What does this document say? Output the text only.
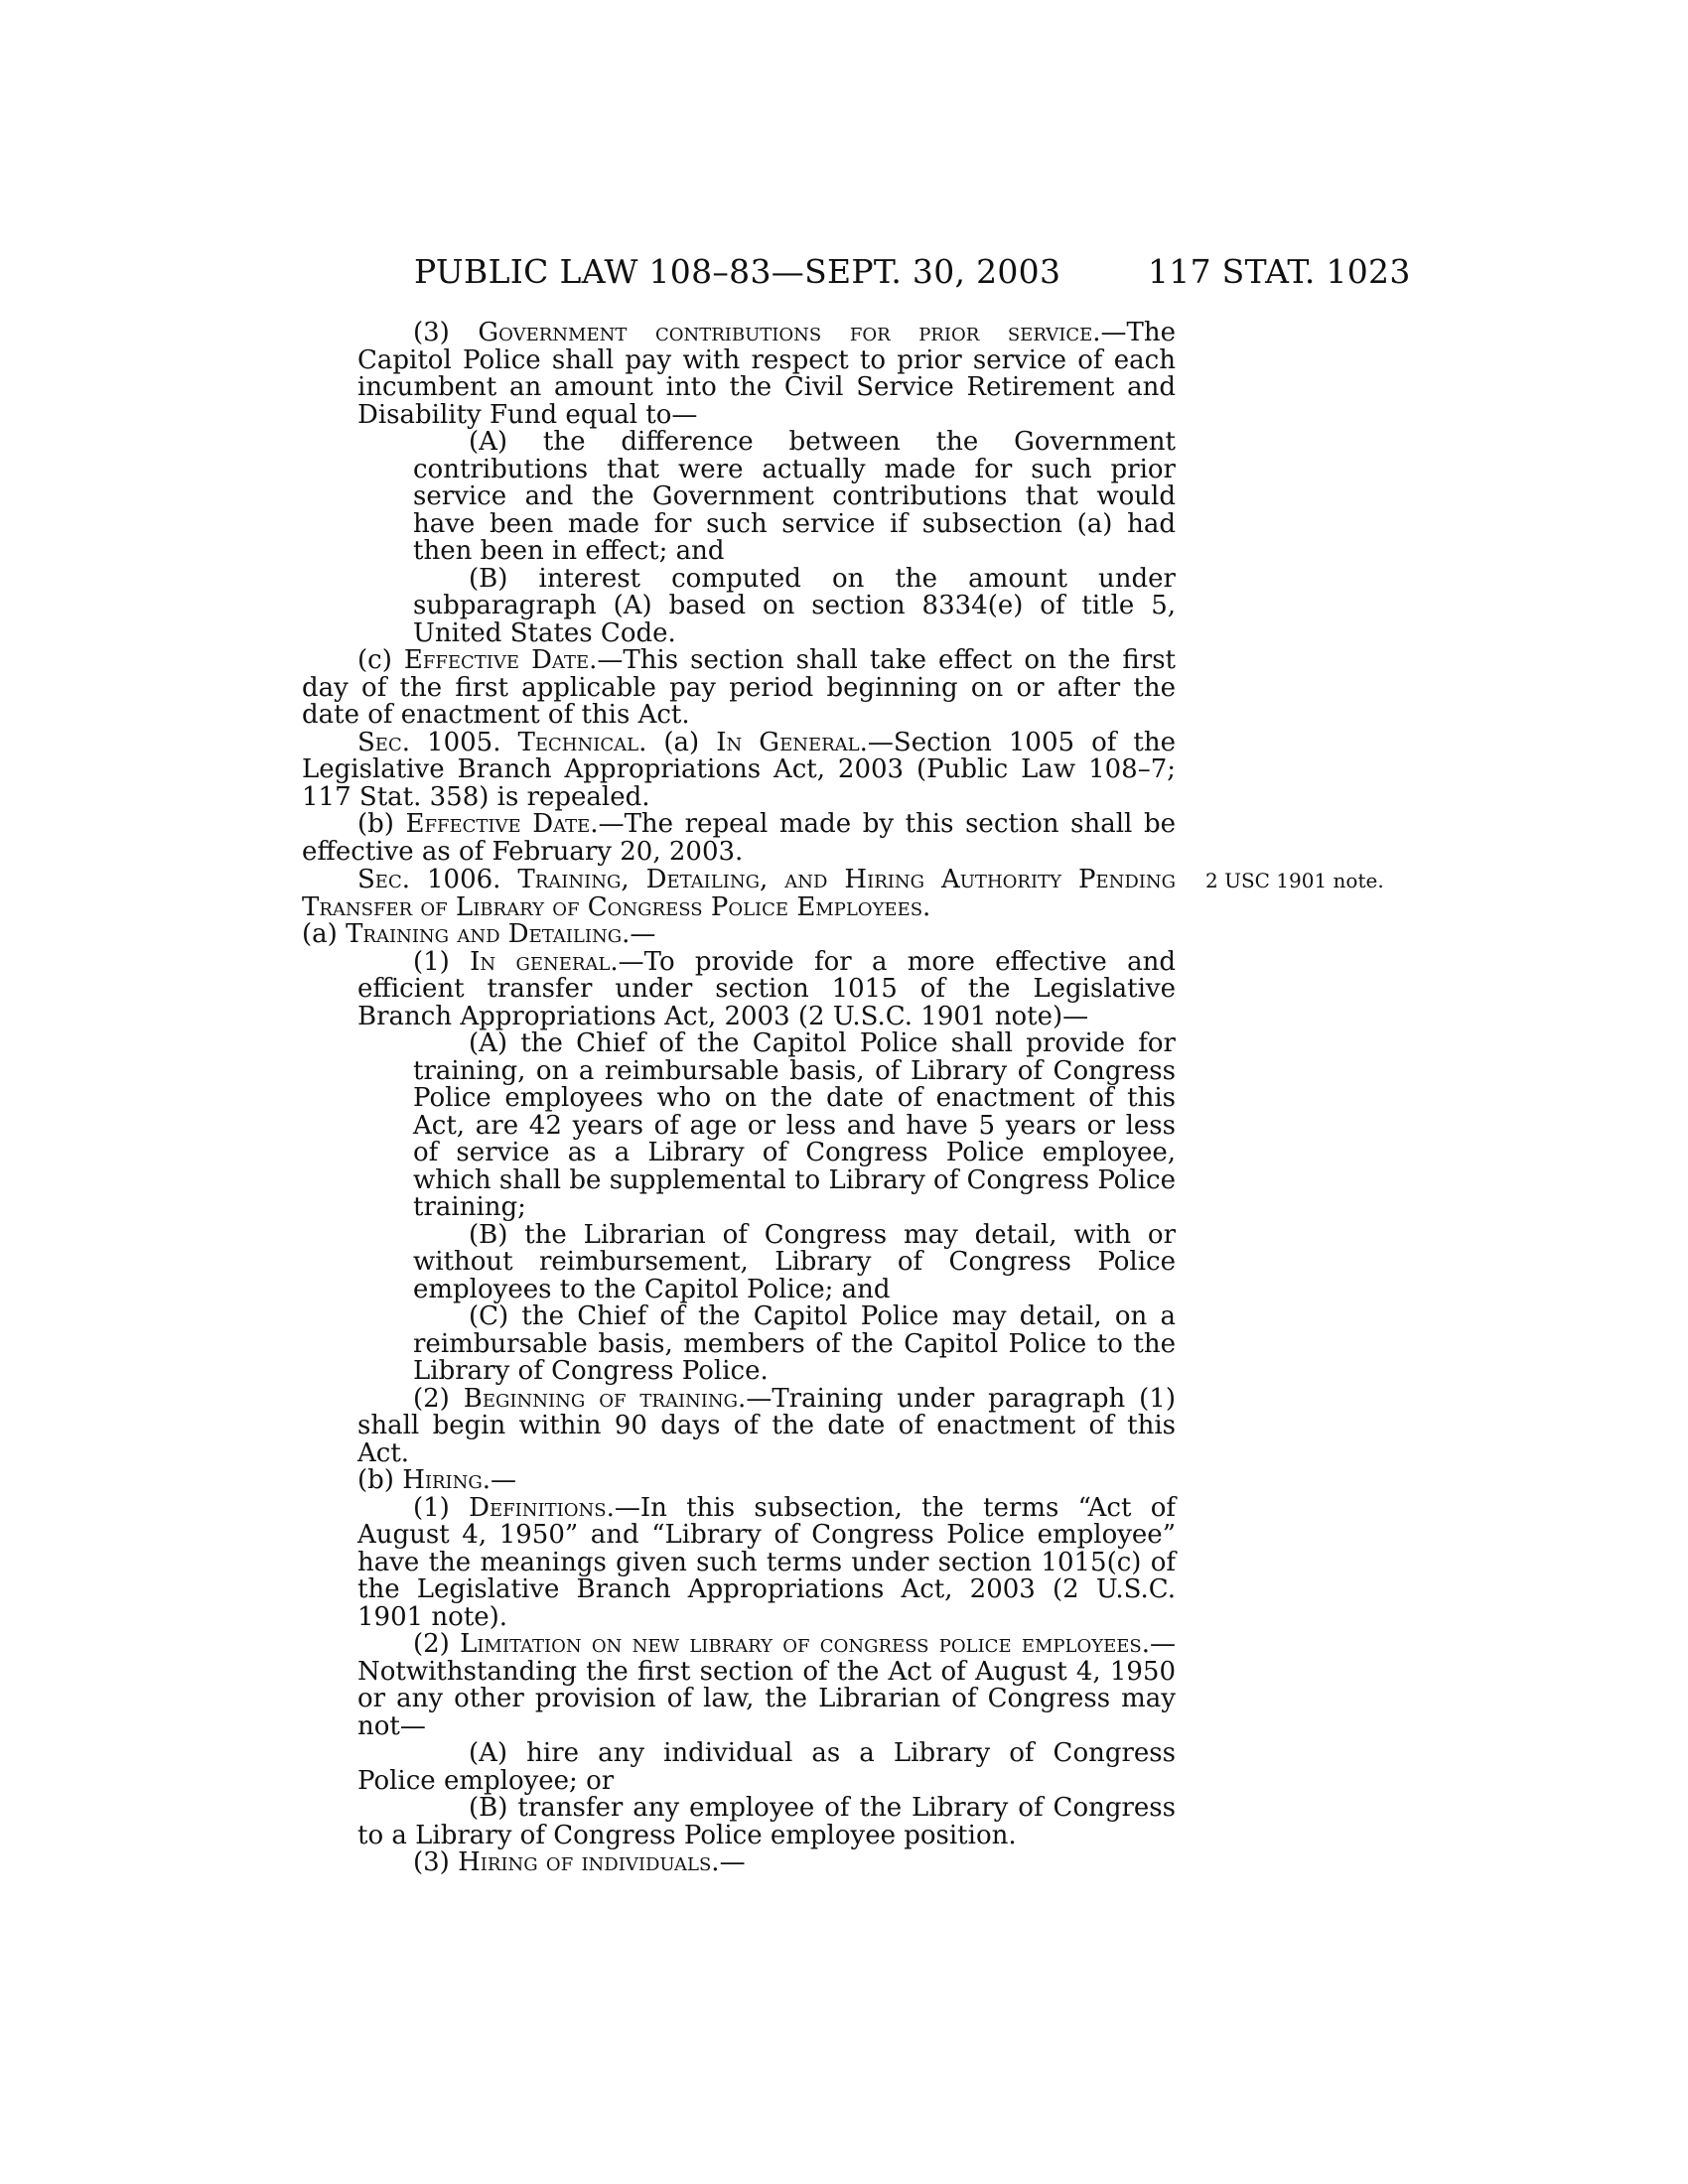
PUBLIC LAW 108–83—SEPT. 30, 2003	117 STAT. 1023
2 USC 1901 note.

(3) Government contributions for prior service.—The Capitol Police shall pay with respect to prior service of each incumbent an amount into the Civil Service Retirement and Disability Fund equal to—

(A) the difference between the Government contributions that were actually made for such prior service and the Government contributions that would have been made for such service if subsection (a) had then been in effect; and

(B) interest computed on the amount under subparagraph (A) based on section 8334(e) of title 5, United States Code.

(c) Effective Date.—This section shall take effect on the first day of the first applicable pay period beginning on or after the date of enactment of this Act.

Sec. 1005. Technical. (a) In General.—Section 1005 of the Legislative Branch Appropriations Act, 2003 (Public Law 108–7; 117 Stat. 358) is repealed.

(b) Effective Date.—The repeal made by this section shall be effective as of February 20, 2003.

Sec. 1006. Training, Detailing, and Hiring Authority Pending Transfer of Library of Congress Police Employees.

(a) Training and Detailing.—

(1) In general.—To provide for a more effective and efficient transfer under section 1015 of the Legislative Branch Appropriations Act, 2003 (2 U.S.C. 1901 note)—

(A) the Chief of the Capitol Police shall provide for training, on a reimbursable basis, of Library of Congress Police employees who on the date of enactment of this Act, are 42 years of age or less and have 5 years or less of service as a Library of Congress Police employee, which shall be supplemental to Library of Congress Police training;

(B) the Librarian of Congress may detail, with or without reimbursement, Library of Congress Police employees to the Capitol Police; and

(C) the Chief of the Capitol Police may detail, on a reimbursable basis, members of the Capitol Police to the Library of Congress Police.

(2) Beginning of training.—Training under paragraph (1) shall begin within 90 days of the date of enactment of this Act.

(b) Hiring.—

(1) Definitions.—In this subsection, the terms “Act of August 4, 1950” and “Library of Congress Police employee” have the meanings given such terms under section 1015(c) of the Legislative Branch Appropriations Act, 2003 (2 U.S.C. 1901 note).

(2) Limitation on new library of congress police employees.—Notwithstanding the first section of the Act of August 4, 1950 or any other provision of law, the Librarian of Congress may not—

(A) hire any individual as a Library of Congress Police employee; or

(B) transfer any employee of the Library of Congress to a Library of Congress Police employee position.

(3) Hiring of individuals.—
